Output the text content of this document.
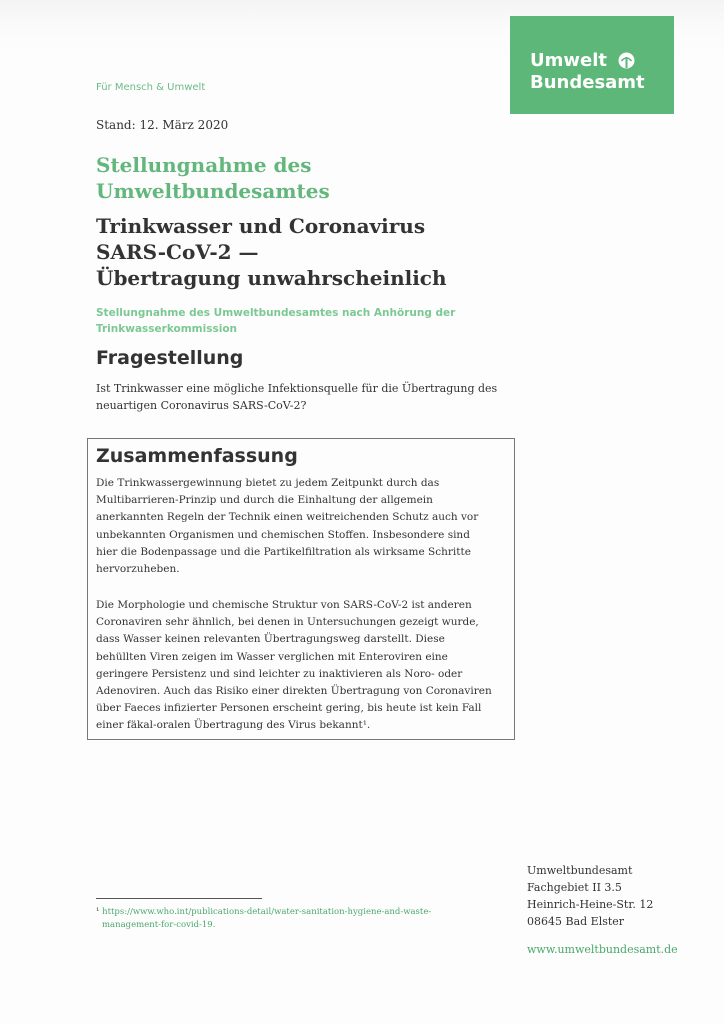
Umwelt
Bundesamt
Für Mensch & Umwelt
Stand: 12. März 2020
Stellungnahme des
Umweltbundesamtes
Trinkwasser und Coronavirus
SARS-CoV-2 —
Übertragung unwahrscheinlich
Stellungnahme des Umweltbundesamtes nach Anhörung der
Trinkwasserkommission
Fragestellung
Ist Trinkwasser eine mögliche Infektionsquelle für die Übertragung des
neuartigen Coronavirus SARS-CoV-2?
Zusammenfassung
Die Trinkwassergewinnung bietet zu jedem Zeitpunkt durch das
Multibarrieren-Prinzip und durch die Einhaltung der allgemein
anerkannten Regeln der Technik einen weitreichenden Schutz auch vor
unbekannten Organismen und chemischen Stoffen. Insbesondere sind
hier die Bodenpassage und die Partikelfiltration als wirksame Schritte
hervorzuheben.
Die Morphologie und chemische Struktur von SARS-CoV-2 ist anderen
Coronaviren sehr ähnlich, bei denen in Untersuchungen gezeigt wurde,
dass Wasser keinen relevanten Übertragungsweg darstellt. Diese
behüllten Viren zeigen im Wasser verglichen mit Enteroviren eine
geringere Persistenz und sind leichter zu inaktivieren als Noro- oder
Adenoviren. Auch das Risiko einer direkten Übertragung von Coronaviren
über Faeces infizierter Personen erscheint gering, bis heute ist kein Fall
einer fäkal-oralen Übertragung des Virus bekannt¹.
¹ https://www.who.int/publications-detail/water-sanitation-hygiene-and-waste-
management-for-covid-19.
Umweltbundesamt
Fachgebiet II 3.5
Heinrich-Heine-Str. 12
08645 Bad Elster
www.umweltbundesamt.de
